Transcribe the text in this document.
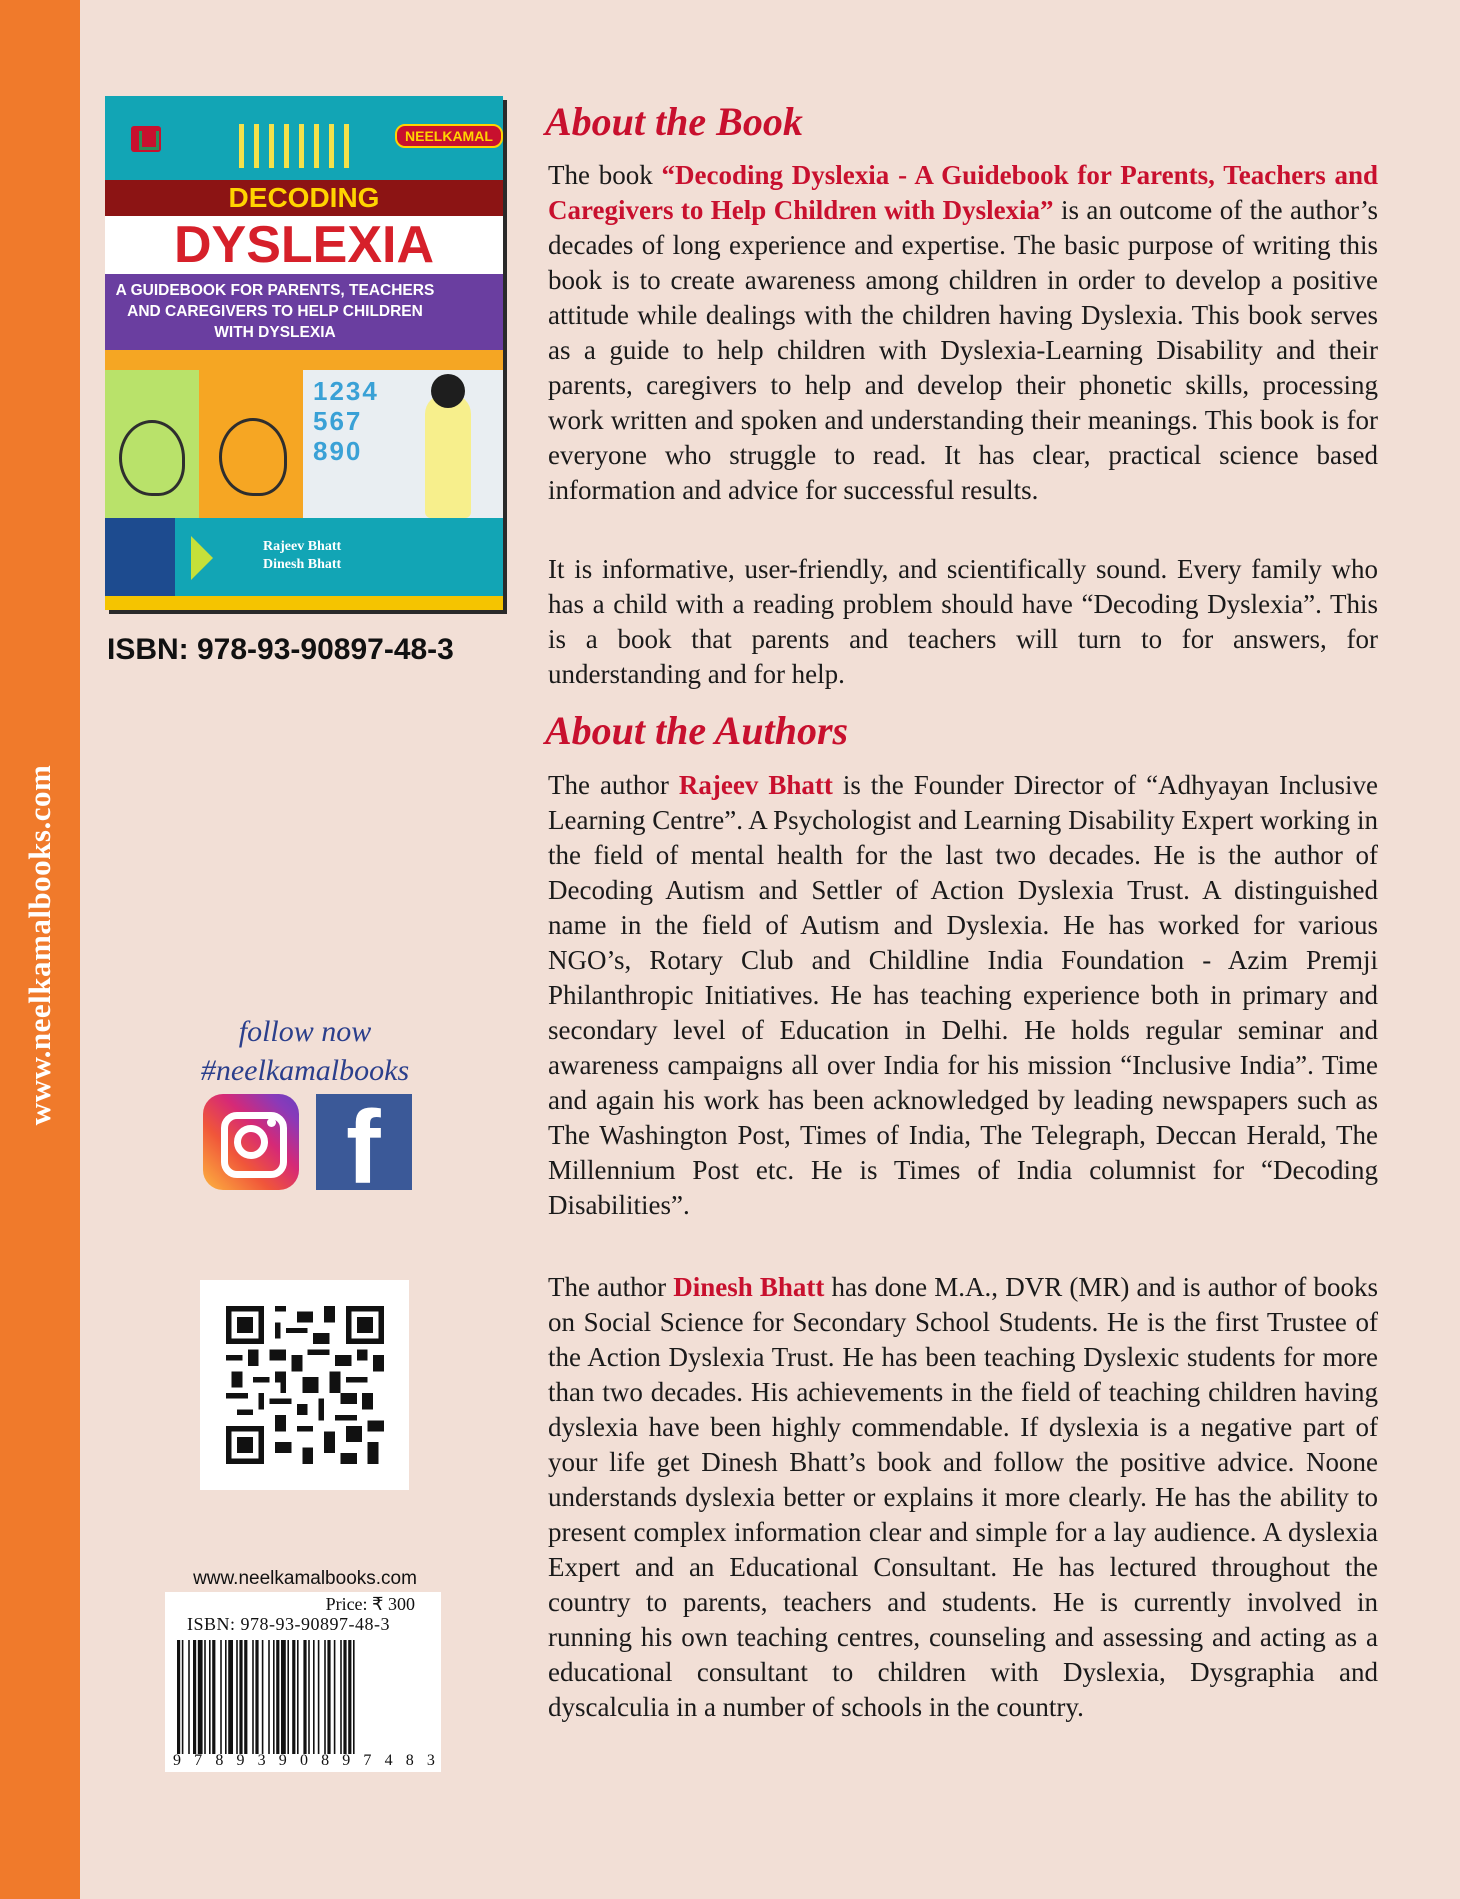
www.neelkamalbooks.com
NEELKAMAL
DECODING
DYSLEXIA
A GUIDEBOOK FOR PARENTS, TEACHERS AND CAREGIVERS TO HELP CHILDREN WITH DYSLEXIA
1234 567 890
Rajeev Bhatt
Dinesh Bhatt
ISBN: 978-93-90897-48-3
follow now
#neelkamalbooks
f
www.neelkamalbooks.com
Price: ₹ 300
ISBN: 978-93-90897-48-3
9 7 8 9 3 9 0 8 9 7 4 8 3
About the Book

The book “Decoding Dyslexia - A Guidebook for Parents, Teachers and Caregivers to Help Children with Dyslexia” is an outcome of the author’s decades of long experience and expertise. The basic purpose of writing this book is to create awareness among children in order to develop a positive attitude while dealings with the children having Dyslexia. This book serves as a guide to help children with Dyslexia-Learning Disability and their parents, caregivers to help and develop their phonetic skills, processing work written and spoken and understanding their meanings. This book is for everyone who struggle to read. It has clear, practical science based information and advice for successful results.

It is informative, user-friendly, and scientifically sound. Every family who has a child with a reading problem should have “Decoding Dyslexia”. This is a book that parents and teachers will turn to for answers, for understanding and for help.

About the Authors

The author Rajeev Bhatt is the Founder Director of “Adhyayan Inclusive Learning Centre”. A Psychologist and Learning Disability Expert working in the field of mental health for the last two decades. He is the author of Decoding Autism and Settler of Action Dyslexia Trust. A distinguished name in the field of Autism and Dyslexia. He has worked for various NGO’s, Rotary Club and Childline India Foundation - Azim Premji Philanthropic Initiatives. He has teaching experience both in primary and secondary level of Education in Delhi. He holds regular seminar and awareness campaigns all over India for his mission “Inclusive India”. Time and again his work has been acknowledged by leading newspapers such as The Washington Post, Times of India, The Telegraph, Deccan Herald, The Millennium Post etc. He is Times of India columnist for “Decoding Disabilities”.

The author Dinesh Bhatt has done M.A., DVR (MR) and is author of books on Social Science for Secondary School Students. He is the first Trustee of the Action Dyslexia Trust. He has been teaching Dyslexic students for more than two decades. His achievements in the field of teaching children having dyslexia have been highly commendable. If dyslexia is a negative part of your life get Dinesh Bhatt’s book and follow the positive advice. Noone understands dyslexia better or explains it more clearly. He has the ability to present complex information clear and simple for a lay audience. A dyslexia Expert and an Educational Consultant. He has lectured throughout the country to parents, teachers and students. He is currently involved in running his own teaching centres, counseling and assessing and acting as a educational consultant to children with Dyslexia, Dysgraphia and dyscalculia in a number of schools in the country.
